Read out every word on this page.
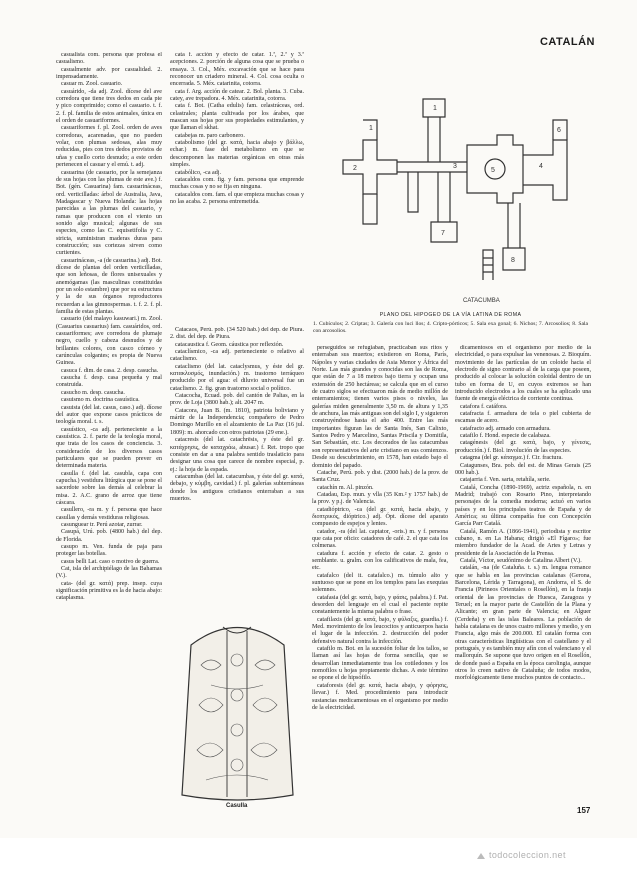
CATALÁN

casualista com. persona que profesa el casualismo.

casualmente adv. por casualidad. 2. impensadamente.

casuar m. Zool. casuario.

casuárido, -da adj. Zool. dícese del ave corredora que tiene tres dedos en cada pie y pico comprimido; como el casuario. t. f. 2. f. pl. familia de estos animales, única en el orden de casuariformes.

casuariformes f. pl. Zool. orden de aves corredoras, acarenadas, que no pueden volar, con plumas sedosas, alas muy reducidas, pies con tres dedos provistos de uñas y cuello corto desnudo; a este orden pertenecen el casuar y el emú. t. adj.

casuarina (de casuario, por la semejanza de sus hojas con las plumas de este ave.) f. Bot. (gén. Casuarina) fam. casuarináceas, ord. verticilladas: árbol de Australia, Java, Madagascar y Nueva Holanda: las hojas parecidas a las plumas del casuario, y ramas que producen con el viento un sonido algo musical; algunas de sus especies, como las C. equisetifolia y C. stricta, suministran maderas duras para construcción; sus cortezas sirven como curtientes.

casuarináceas, -a (de casuarina.) adj. Bot. dícese de plantas del orden verticilladas, que son leñosas, de flores unisexuales y anemógamas (las masculinas constituidas por un solo estambre) que por su estructura y la de sus órganos reproductores recuerdan a las gimnospermas. t. f. 2. f. pl. familia de estas plantas.

casuario (del malayo kasuwari.) m. Zool. (Casuarius casuarius) fam. casuáridos, ord. casuariformes; ave corredora de plumaje negro, cuello y cabeza desnudos y de brillantes colores, con casco córneo y carúnculas colgantes; es propia de Nueva Guinea.

casuca f. dim. de casa. 2. desp. casucha.

casucha f. desp. casa pequeña y mal construida.

casucho m. desp. casucha.

casuismo m. doctrina casuística.

casuista (del lat. casus, caso.) adj. dícese del autor que expone casos prácticos de teología moral. t. s.

casuístico, -ca adj. perteneciente a la casuística. 2. f. parte de la teología moral, que trata de los casos de conciencia. 3. consideración de los diversos casos particulares que se pueden prever en determinada materia.

casulla f. (del lat. casubla, capa con capucha.) vestidura litúrgica que se pone el sacerdote sobre las demás al celebrar la misa. 2. A.C. grano de arroz que tiene cáscara.

casullero, -ra m. y f. persona que hace casullas y demás vestiduras religiosas.

casunguear tr. Perú azotar, zurrar.

Casupá, Urú. pob. (4800 hab.) del dep. de Florida.

casupo m. Ven. funda de paja para proteger las botellas.

casus belli Lat. caso o motivo de guerra.

Cat, isla del archipiélago de las Bahamas (V.).

cata- (del gr. κατά) prep. insep. cuya significación primitiva es la de hacia abajo: cataplasma.

cata f. acción y efecto de catar. 1.ª, 2.ª y 3.ª acepciones. 2. porción de alguna cosa que se prueba o ensaya. 3. Col., Méx. excavación que se hace para reconocer un criadero mineral. 4. Col. cosa oculta o encerrada. 5. Méx. catarinita, cotorra.

cata f. Arg. acción de catear. 2. Bol. planta. 3. Cuba. catey, ave trepadora. 4. Méx. catarinita, cotorra.

cata f. Bot. (Catha edulis) fam. celastráceas, ord. celastrales; planta cultivada por los árabes, que mascan sus hojas por sus propiedades estimulantes, y que llaman el skhat.

catabejas m. paro carbonero.

catabolismo (del gr. κατά, hacia abajo y βάλλω, echar.) m. fase del metabolismo en que se descomponen las materias orgánicas en otras más simples.

catabólico, -ca adj.

catacaldos com. fig. y fam. persona que emprende muchas cosas y no se fija en ninguna.

catacaldos com. fam. el que empieza muchas cosas y no las acaba. 2. persona entremetida.

Catacaos, Perú. pob. (34 520 hab.) del dep. de Piura. 2. dist. del dep. de Piura.

catacaustica f. Geom. cáustica por reflexión.

cataclísmico, -ca adj. perteneciente o relativo al cataclismo.

cataclismo (del lat. cataclysmus, y éste del gr. κατακλυσμός, inundación.) m. trastorno terráqueo producido por el agua: el diluvio universal fue un cataclismo. 2. fig. gran trastorno social o político.

Catacocha, Ecuad. pob. del cantón de Paltas, en la prov. de Loja (3800 hab.); alt. 2047 m.

Catacora, Juan B. (m. 1810), patriota boliviano y mártir de la Independencia; compañero de Pedro Domingo Murillo en el alzamiento de La Paz (16 jul. 1809): m. ahorcado con otros patriotas (29 ene.).

catacresis (del lat. catachrēsis, y éste del gr. κατάχρησις, de καταχράω, abusar.) f. Ret. tropo que consiste en dar a una palabra sentido traslaticio para designar una cosa que carece de nombre especial, p. ej.: la hoja de la espada.

catacumbas (del lat. catacumbas, y éste del gr. κατά, debajo, y κύμβη, cavidad.) f. pl. galerías subterráneas donde los antiguos cristianos enterraban a sus muertos.

perseguidos se refugiaban, practicaban sus ritos y enterraban sus muertos; existieron en Roma, París, Nápoles y varias ciudades de Asia Menor y África del Norte. Las más grandes y conocidas son las de Roma, que están de 7 a 18 metros bajo tierra y ocupan una extensión de 250 hectáreas; se calcula que en el curso de cuatro siglos se efectuaron más de medio millón de enterramientos; tienen varios pisos o niveles, las galerías miden generalmente 3,50 m. de altura y 1,35 de anchura, las más antiguas son del siglo I, y siguieron construyéndose hasta el año 400. Entre las más importantes figuran las de Santa Inés, San Calixto, Santos Pedro y Marcelino, Santas Priscila y Domitila, San Sebastián, etc. Los decorados de las catacumbas son representativos del arte cristiano en sus comienzos. Desde su descubrimiento, en 1578, han estado bajo el dominio del papado.

Catache, Perú. pob. y dist. (2000 hab.) de la prov. de Santa Cruz.

catachín m. Al. pinzón.

Catadau, Esp. mun. y vlla (35 Km.² y 1757 hab.) de la prov. y p.j. de Valencia.

catadióptrico, -ca (del gr. κατά, hacia abajo, y διοπτρικός, dióptrico.) adj. Ópt. dícese del aparato compuesto de espejos y lentes.

catador, -ra (del lat. captator, -oris.) m. y f. persona que cata por oficio: catadores de café. 2. el que cata los colmenas.

catadura f. acción y efecto de catar. 2. gesto o semblante. u. gralm. con los calificativos de mala, fea, etc.

catafalco (del it. catafalco.) m. túmulo alto y suntuoso que se pone en los templos para las exequias solemnes.

catafasia (del gr. κατά, bajo, y φάσις, palabra.) f. Pat. desorden del lenguaje en el cual el paciente repite constantemente la misma palabra o frase.

catafilaxis (del gr. κατά, bajo, y φύλαξις, guardia.) f. Med. movimiento de los leucocitos y anticuerpos hacia el lugar de la infección. 2. destrucción del poder defensivo natural contra la infección.

catafilo m. Bot. en la sucesión foliar de los tallos, se llaman así las hojas de forma sencilla, que se desarrollan inmediatamente tras los cotiledones y los nomofilos u hojas propiamente dichas. A este término se opone el de hipsófilo.

cataforesis (del gr. κατά, hacia abajo, y φόρησις, llevar.) f. Med. procedimiento para introducir sustancias medicamentosas en el organismo por medio de la electricidad.

dicamentosos en el organismo por medio de la electricidad, o para expulsar las venenosas. 2. Bioquím. movimiento de las partículas de un coloide hacia el electrodo de signo contrario al de la carga que poseen, producido al colocar la solución coloidal dentro de un tubo en forma de U, en cuyos extremos se han introducido electrodos a los cuales se ha aplicado una fuente de energía eléctrica de corriente continua.

catafora f. catáfora.

catafracta f. armadura de tela o piel cubierta de escamas de acero.

catafracto adj. armado con armadura.

catafilo f. Hond. especie de calabaza.

catagénesis (del gr. κατά, bajo, y γένεσις, producción.) f. Biol. involución de las especies.

catagma (del gr. κάταγμα.) f. Cir. fractura.

Catagunses, Bra. pob. del est. de Minas Gerais (25 000 hab.).

catajarria f. Ven. sarta, retahíla, serie.

Catalá, Concha (1890-1969), actriz española, n. en Madrid; trabajó con Rosario Pino, interpretando personajes de la comedia moderna; actuó en varios países y en los principales teatros de España y de América; su última compañía fue con Concepción García Parr Catalá.

Catalá, Ramón A. (1866-1941), periodista y escritor cubano, n. en La Habana; dirigió «El Fígaro»; fue miembro fundador de la Acad. de Artes y Letras y presidente de la Asociación de la Prensa.

Catalá, Víctor, seudónimo de Catalina Albert (V.).

catalán, -na (de Cataluña. t. s.) m. lengua romance que se habla en las provincias catalanas (Gerona, Barcelona, Lérida y Tarragona), en Andorra, el S. de Francia (Pirineos Orientales o Rosellón), en la franja oriental de las provincias de Huesca, Zaragoza y Teruel; en la mayor parte de Castellón de la Plana y Alicante; en gran parte de Valencia; en Alguer (Cerdeña) y en las islas Baleares. La población de habla catalana es de unos cuatro millones y medio, y en Francia, algo más de 200.000. El catalán forma con otras características lingüísticas con el castellano y el portugués, y es también muy afín con el valenciano y el mallorquín. Se supone que tuvo origen en el Rosellón, de donde pasó a España en la época carolingia, aunque otros lo creen nativo de Cataluña; de todos modos, morfológicamente tiene muchos puntos de contacto...

1
2
1
3
5
4
7
8
6
CATACUMBA
PLANO DEL HIPOGEO DE LA VÍA LATINA DE ROMA
1. Cubículos; 2. Criptas; 3. Galería con luci llos; 4. Cripto-pórticos; 5. Sala exa gonal; 6. Nichos; 7. Arcosolios; 8. Sala con arcosolios.
Casulla	157
todocoleccion.net
